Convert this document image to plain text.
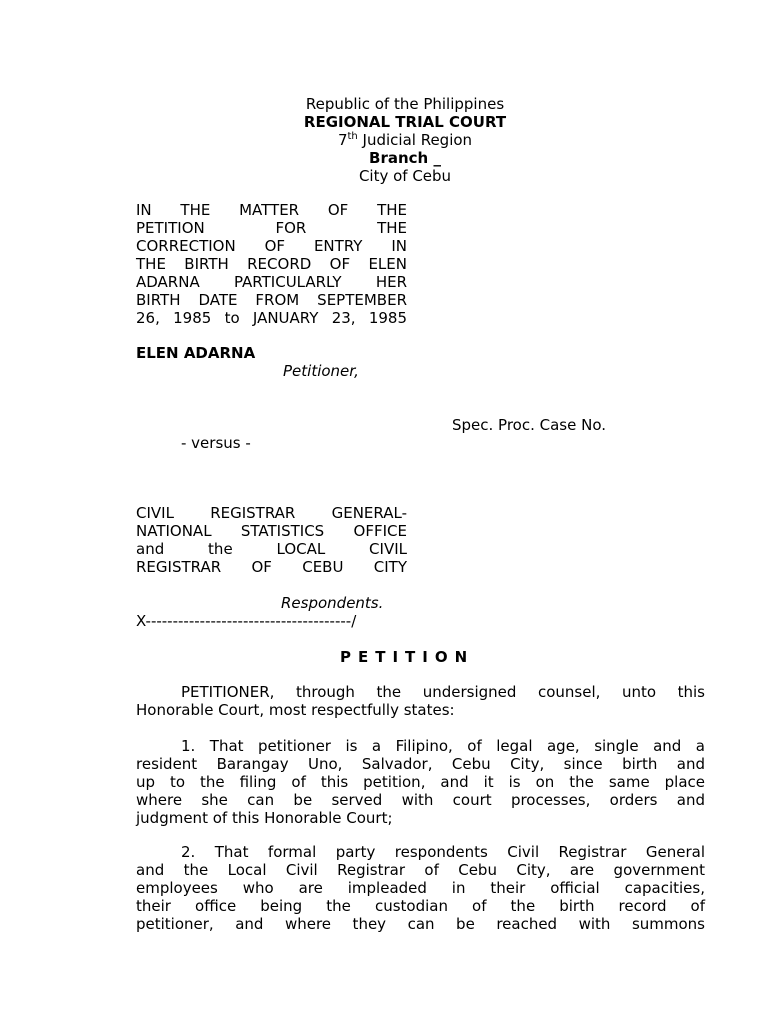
Republic of the Philippines
REGIONAL TRIAL COURT
7th Judicial Region
Branch _
City of Cebu
IN THE MATTER OF THE
PETITION FOR THE
CORRECTION OF ENTRY IN
THE BIRTH RECORD OF ELEN
ADARNA PARTICULARLY HER
BIRTH DATE FROM SEPTEMBER
26, 1985 to JANUARY 23, 1985
ELEN ADARNA
Petitioner,
Spec. Proc. Case No.
- versus -
CIVIL REGISTRAR GENERAL-
NATIONAL STATISTICS OFFICE
and the LOCAL CIVIL
REGISTRAR OF CEBU CITY
Respondents.
X--------------------------------------/
PETITION
PETITIONER, through the undersigned counsel, unto this
Honorable Court, most respectfully states:
1. That petitioner is a Filipino, of legal age, single and a
resident Barangay Uno, Salvador, Cebu City, since birth and
up to the filing of this petition, and it is on the same place
where she can be served with court processes, orders and
judgment of this Honorable Court;
2. That formal party respondents Civil Registrar General
and the Local Civil Registrar of Cebu City, are government
employees who are impleaded in their official capacities,
their office being the custodian of the birth record of
petitioner, and where they can be reached with summons
